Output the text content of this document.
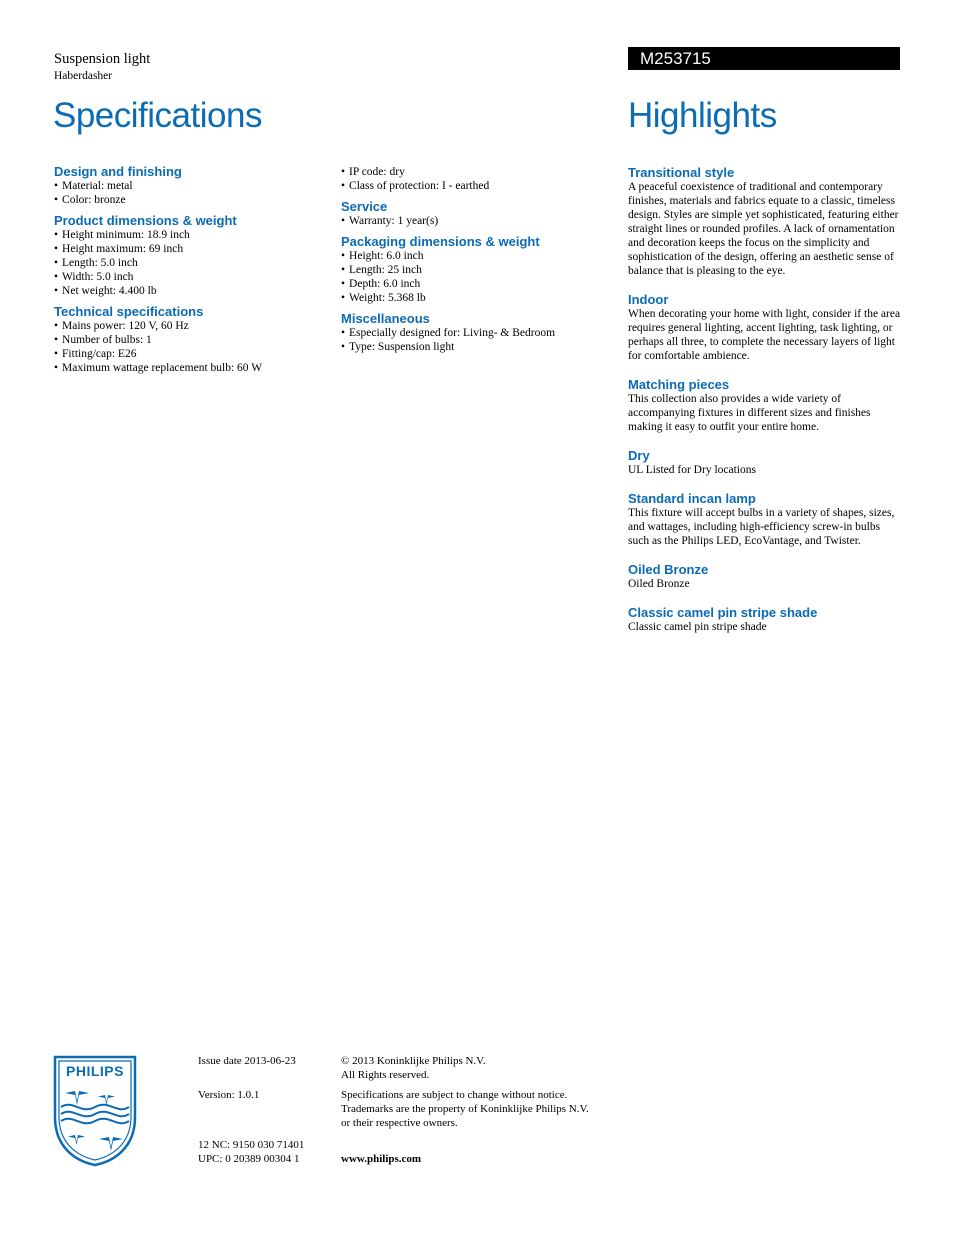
Suspension light
Haberdasher
Specifications
M253715
Highlights
Design and finishing
• Material: metal
• Color: bronze
Product dimensions & weight
• Height minimum: 18.9 inch
• Height maximum: 69 inch
• Length: 5.0 inch
• Width: 5.0 inch
• Net weight: 4.400 lb
Technical specifications
• Mains power: 120 V, 60 Hz
• Number of bulbs: 1
• Fitting/cap: E26
• Maximum wattage replacement bulb: 60 W
• IP code: dry
• Class of protection: I - earthed
Service
• Warranty: 1 year(s)
Packaging dimensions & weight
• Height: 6.0 inch
• Length: 25 inch
• Depth: 6.0 inch
• Weight: 5.368 lb
Miscellaneous
• Especially designed for: Living- & Bedroom
• Type: Suspension light
Transitional style
A peaceful coexistence of traditional and contemporary finishes, materials and fabrics equate to a classic, timeless design. Styles are simple yet sophisticated, featuring either straight lines or rounded profiles. A lack of ornamentation and decoration keeps the focus on the simplicity and sophistication of the design, offering an aesthetic sense of balance that is pleasing to the eye.
Indoor
When decorating your home with light, consider if the area requires general lighting, accent lighting, task lighting, or perhaps all three, to complete the necessary layers of light for comfortable ambience.
Matching pieces
This collection also provides a wide variety of accompanying fixtures in different sizes and finishes making it easy to outfit your entire home.
Dry
UL Listed for Dry locations
Standard incan lamp
This fixture will accept bulbs in a variety of shapes, sizes, and wattages, including high-efficiency screw-in bulbs such as the Philips LED, EcoVantage, and Twister.
Oiled Bronze
Oiled Bronze
Classic camel pin stripe shade
Classic camel pin stripe shade
PHILIPS
Issue date 2013-06-23
Version: 1.0.1
12 NC: 9150 030 71401
UPC: 0 20389 00304 1
© 2013 Koninklijke Philips N.V.
All Rights reserved.
Specifications are subject to change without notice.
Trademarks are the property of Koninklijke Philips N.V.
or their respective owners.
www.philips.com
